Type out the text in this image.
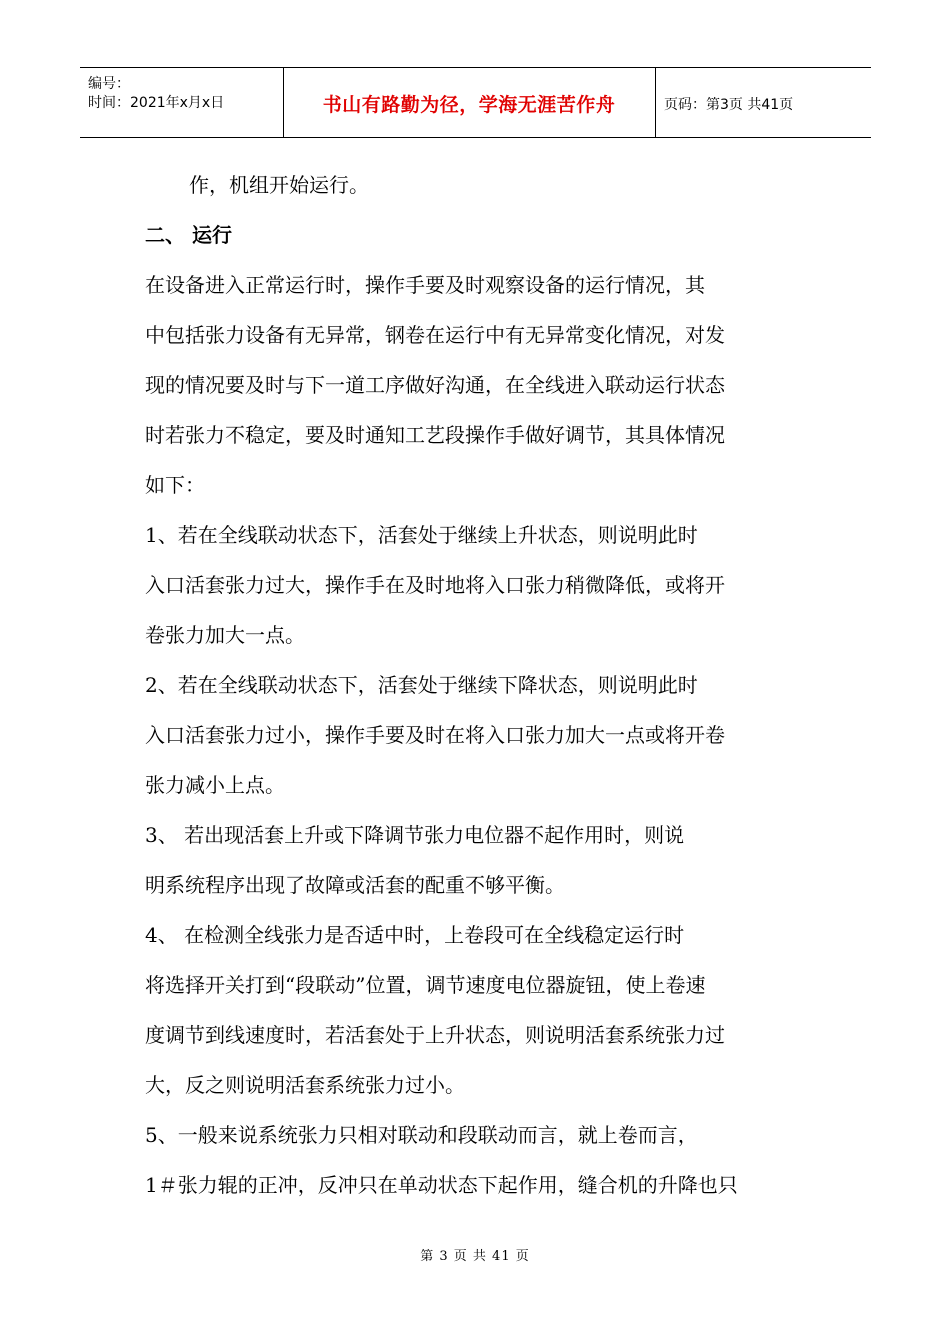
编号：
时间：2021年x月x日	书山有路勤为径，学海无涯苦作舟	页码：第3页 共41页

作，机组开始运行。

二、 运行

在设备进入正常运行时，操作手要及时观察设备的运行情况，其

中包括张力设备有无异常，钢卷在运行中有无异常变化情况，对发

现的情况要及时与下一道工序做好沟通，在全线进入联动运行状态

时若张力不稳定，要及时通知工艺段操作手做好调节，其具体情况

如下：

1、若在全线联动状态下，活套处于继续上升状态，则说明此时

入口活套张力过大，操作手在及时地将入口张力稍微降低，或将开

卷张力加大一点。

2、若在全线联动状态下，活套处于继续下降状态，则说明此时

入口活套张力过小，操作手要及时在将入口张力加大一点或将开卷

张力减小上点。

3、 若出现活套上升或下降调节张力电位器不起作用时，则说

明系统程序出现了故障或活套的配重不够平衡。

4、 在检测全线张力是否适中时，上卷段可在全线稳定运行时

将选择开关打到“段联动”位置，调节速度电位器旋钮，使上卷速

度调节到线速度时，若活套处于上升状态，则说明活套系统张力过

大，反之则说明活套系统张力过小。

5、一般来说系统张力只相对联动和段联动而言，就上卷而言，

1＃张力辊的正冲，反冲只在单动状态下起作用，缝合机的升降也只

第 3 页 共 41 页
